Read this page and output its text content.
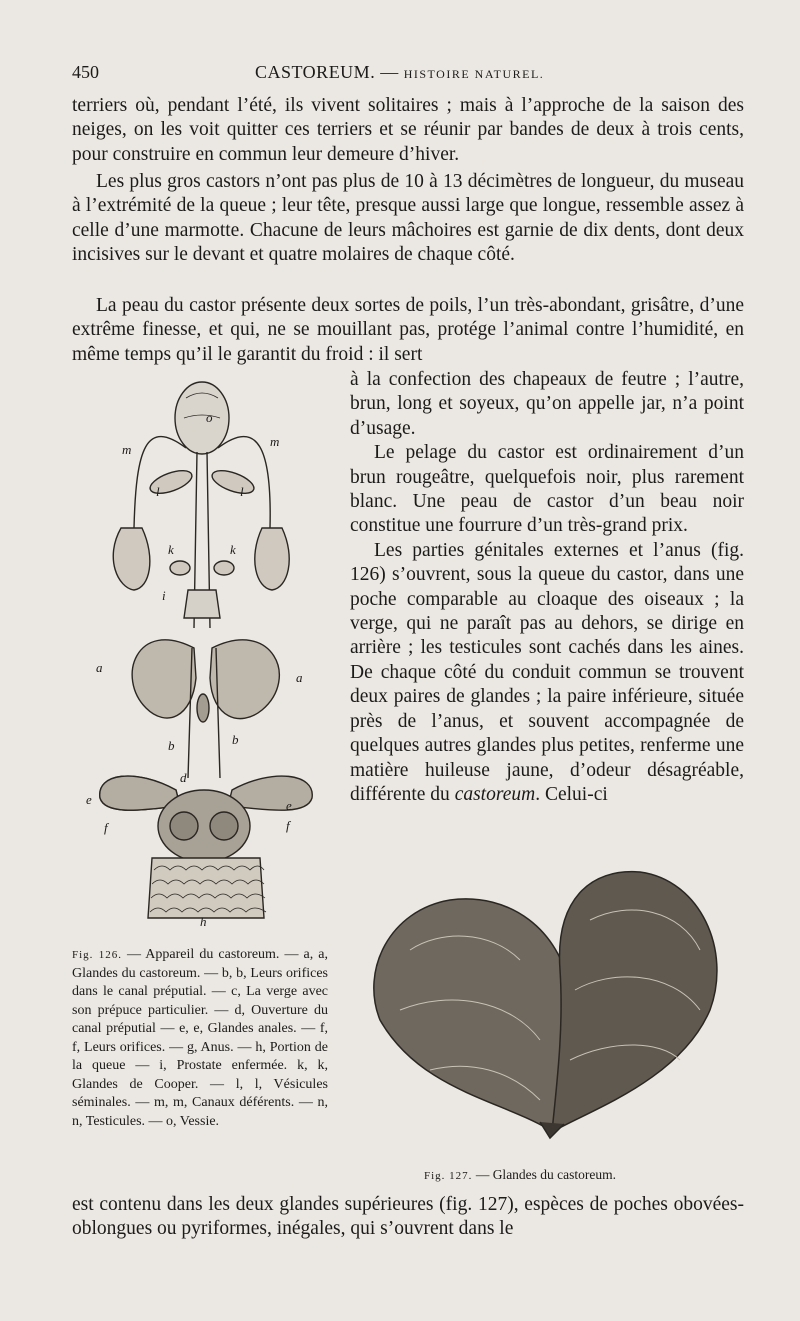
450	CASTOREUM. — HISTOIRE NATUREL.

terriers où, pendant l’été, ils vivent solitaires ; mais à l’approche de la saison des neiges, on les voit quitter ces terriers et se réunir par bandes de deux à trois cents, pour construire en commun leur demeure d’hiver.

Les plus gros castors n’ont pas plus de 10 à 13 décimètres de longueur, du museau à l’extrémité de la queue ; leur tête, presque aussi large que longue, ressemble assez à celle d’une marmotte. Chacune de leurs mâchoires est garnie de dix dents, dont deux incisives sur le devant et quatre molaires de chaque côté.

La peau du castor présente deux sortes de poils, l’un très-abondant, grisâtre, d’une extrême finesse, et qui, ne se mouillant pas, protége l’animal contre l’humidité, en même temps qu’il le garantit du froid : il sert

à la confection des chapeaux de feutre ; l’autre, brun, long et soyeux, qu’on appelle jar, n’a point d’usage.

Le pelage du castor est ordinairement d’un brun rougeâtre, quelquefois noir, plus rarement blanc. Une peau de castor d’un beau noir constitue une fourrure d’un très-grand prix.

Les parties génitales externes et l’anus (fig. 126) s’ouvrent, sous la queue du castor, dans une poche comparable au cloaque des oiseaux ; la verge, qui ne paraît pas au dehors, se dirige en arrière ; les testicules sont cachés dans les aines. De chaque côté du conduit commun se trouvent deux paires de glandes ; la paire inférieure, située près de l’anus, et souvent accompagnée de quelques autres glandes plus petites, renferme une matière huileuse jaune, d’odeur désagréable, différente du castoreum. Celui-ci

o
m
m
l	l
k	k
i
a
a
b	b
d
e	e
f	f
h

Fig. 126. — Appareil du castoreum. — a, a, Glandes du castoreum. — b, b, Leurs orifices dans le canal préputial. — c, La verge avec son prépuce particulier. — d, Ouverture du canal préputial — e, e, Glandes anales. — f, f, Leurs orifices. — g, Anus. — h, Portion de la queue — i, Prostate enfermée. k, k, Glandes de Cooper. — l, l, Vésicules séminales. — m, m, Canaux déférents. — n, n, Testicules. — o, Vessie.

Fig. 127. — Glandes du castoreum.

est contenu dans les deux glandes supérieures (fig. 127), espèces de poches obovées-oblongues ou pyriformes, inégales, qui s’ouvrent dans le
